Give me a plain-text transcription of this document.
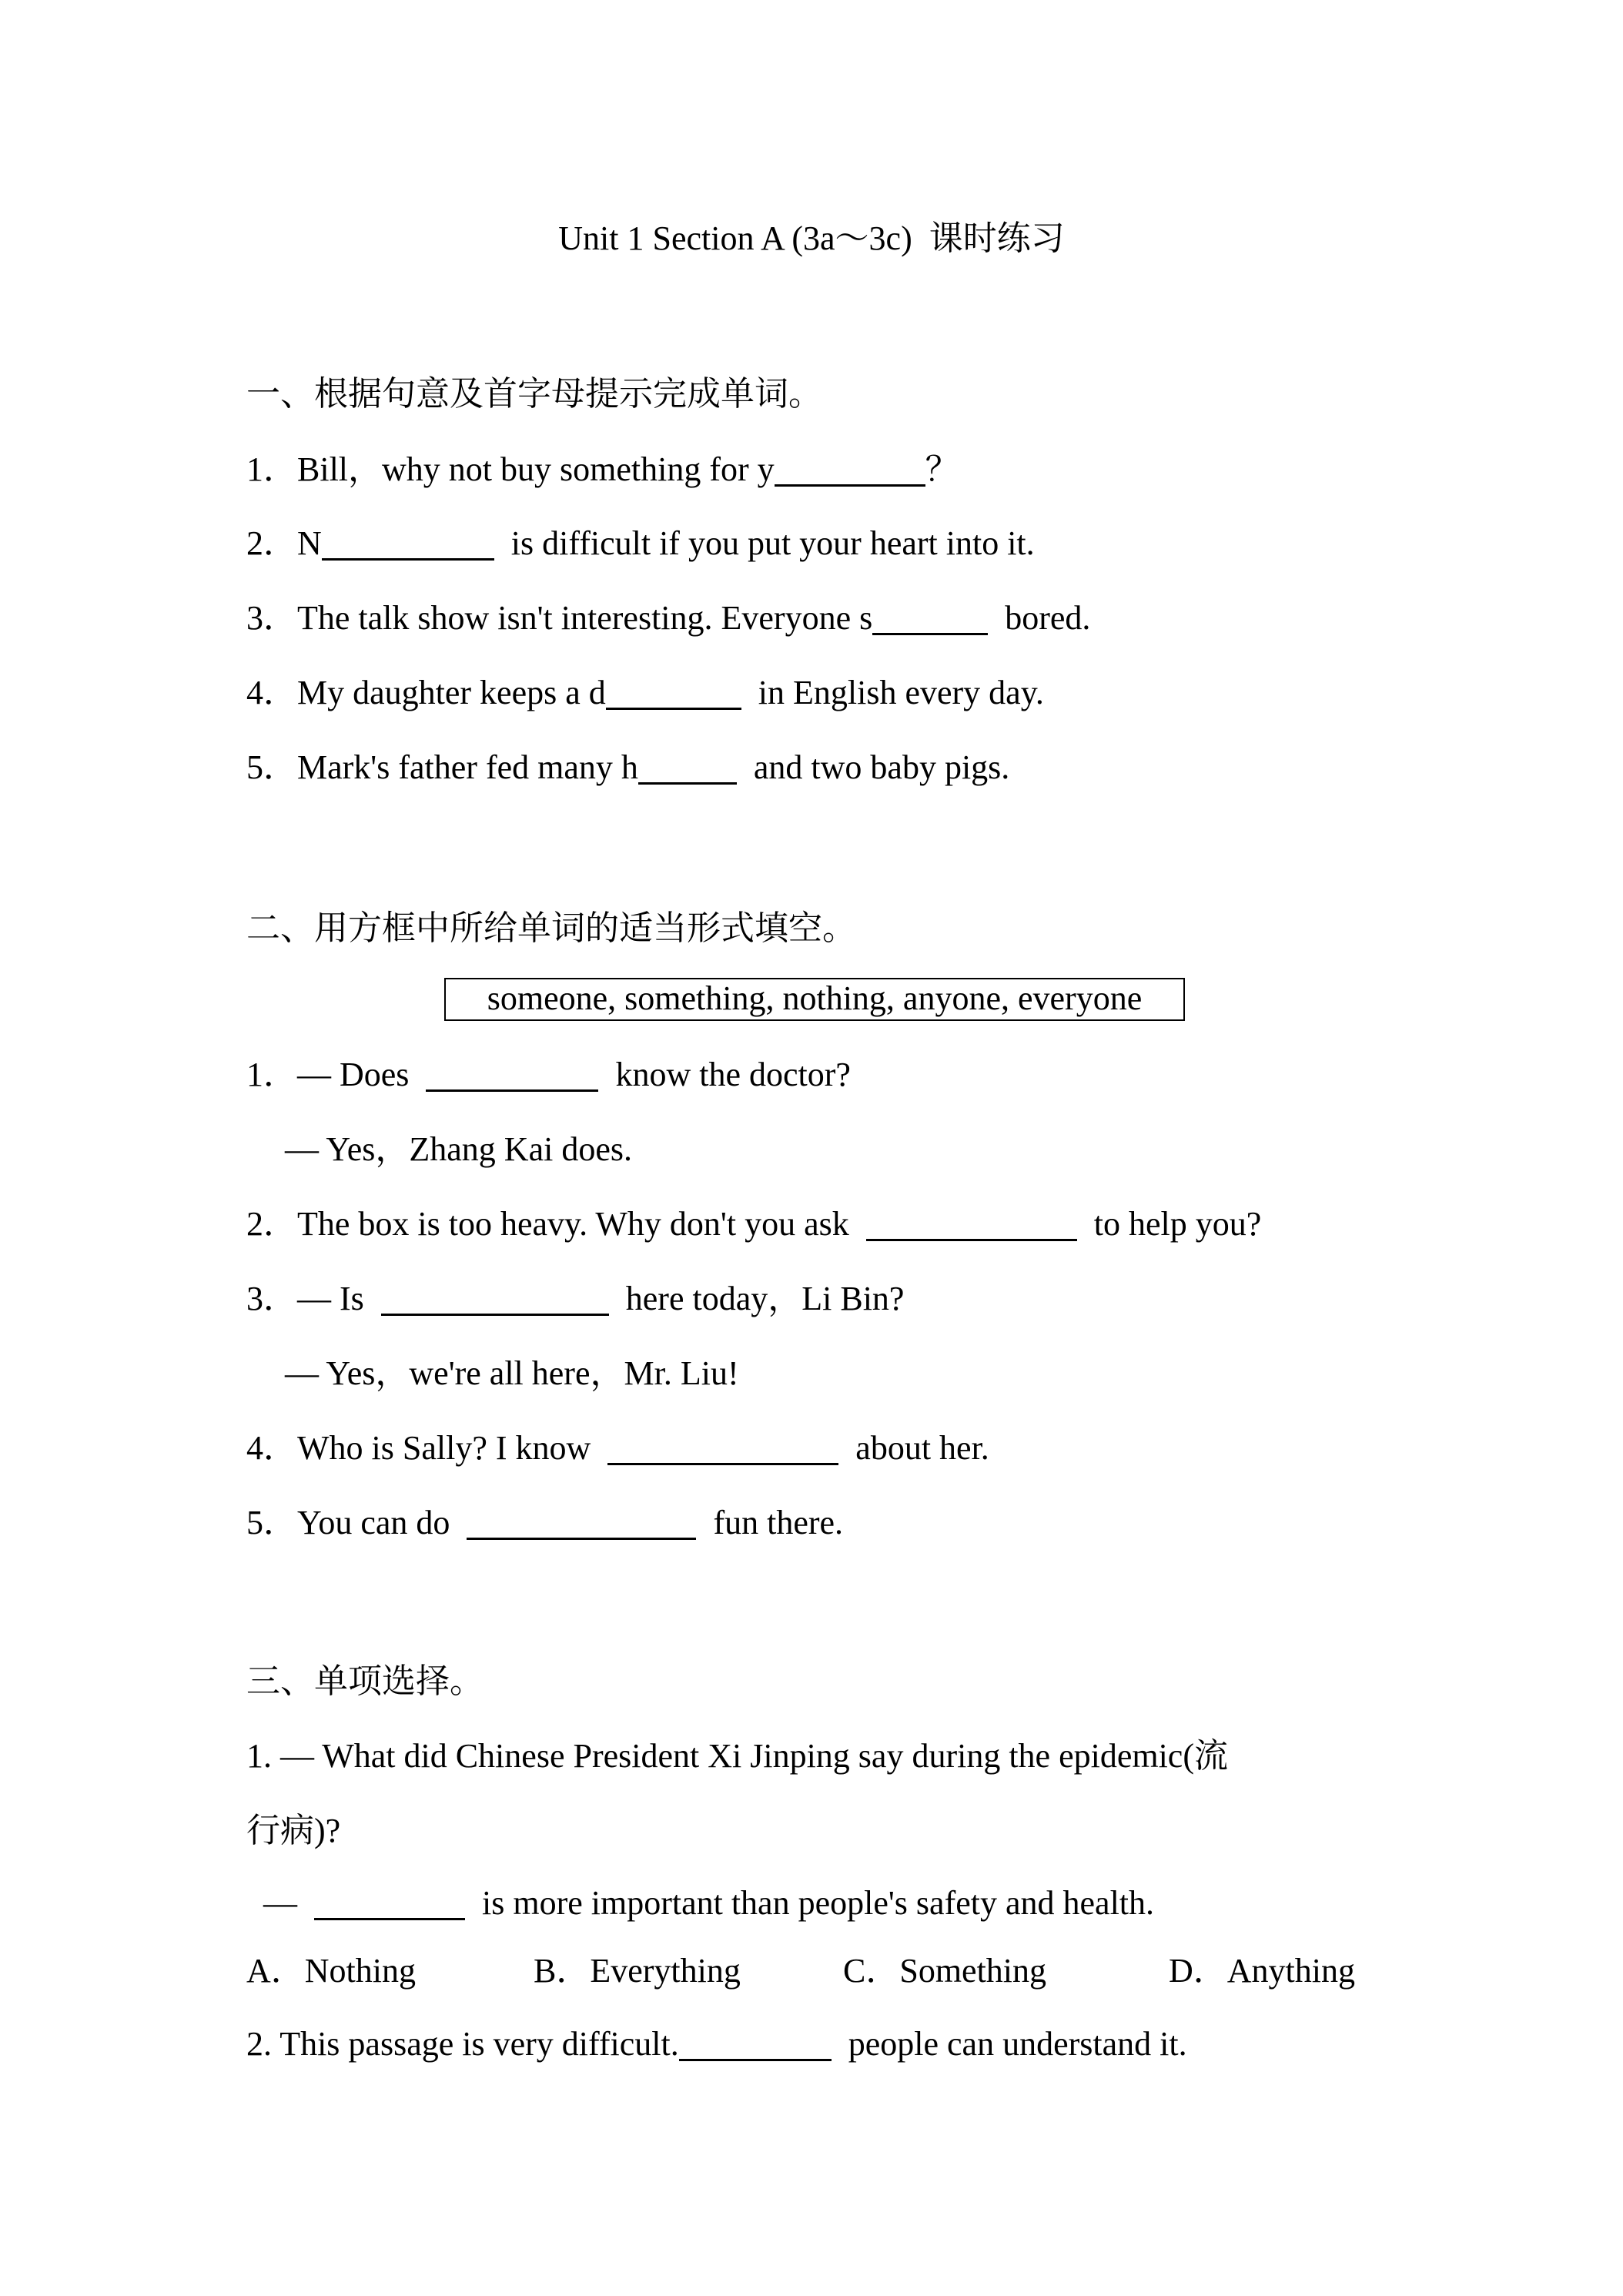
Unit 1 Section A (3a～3c)  课时练习
一、根据句意及首字母提示完成单词。
1．Bill，why not buy something for y	？
2．N	is difficult if you put your heart into it.
3．The talk show isn't interesting. Everyone s	bored.
4．My daughter keeps a d	in English every day.
5．Mark's father fed many h	and two baby pigs.
二、用方框中所给单词的适当形式填空。
someone, something, nothing, anyone, everyone
1．— Does	know the doctor?
— Yes，Zhang Kai does.
2．The box is too heavy. Why don't you ask	to help you?
3．— Is	here today，Li Bin?
— Yes，we're all here，Mr. Liu!
4．Who is Sally? I know	about her.
5．You can do	fun there.
三、单项选择。
1. — What did Chinese President Xi Jinping say during the epidemic(流
行病)?
—	is more important than people's safety and health.
A．Nothing	B．Everything	C．Something	D．Anything
2. This passage is very difficult.	people can understand it.
